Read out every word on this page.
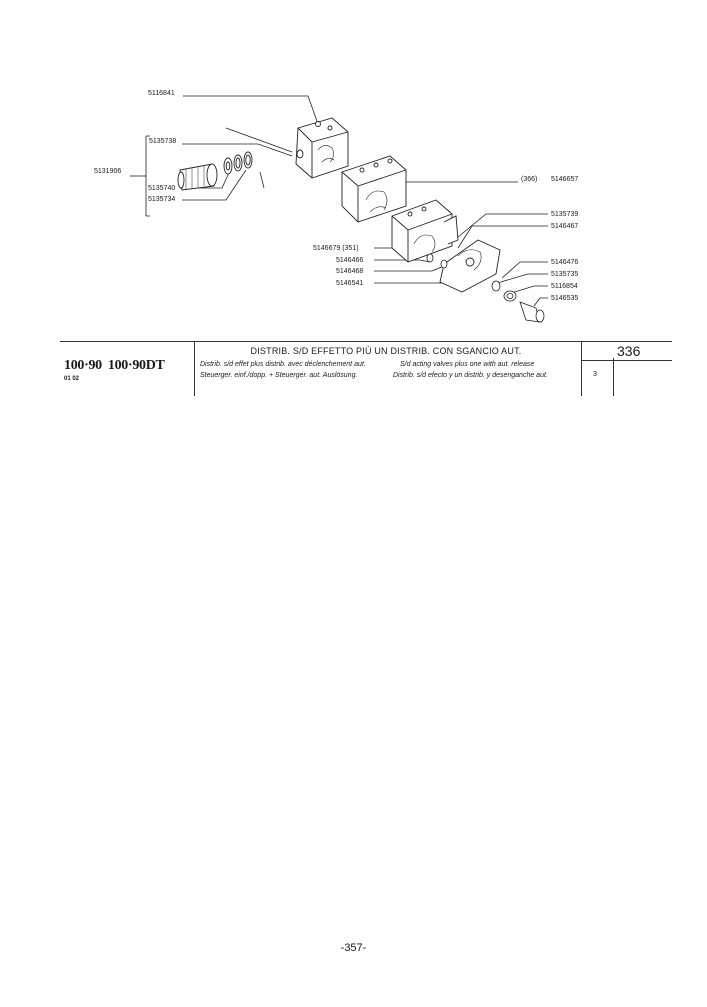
5131906
5116841
5135738
5135740
5135734
(366) 5146657
5135739
5146467
5146679 (351)
5146466
5146468
5146541
5146476
5135735
5116854
5146535
100·90 100·90DT
01 02
DISTRIB. S/D EFFETTO PIÙ UN DISTRIB. CON SGANCIO AUT.
Distrib. s/d effet plus distrib. avec déclenchement aut.	S/d acting valves plus one with aut. release
Steuerger. einf./dopp. + Steuerger. aut. Auslösung.	Distrib. s/d efecto y un distrib. y desenganche aut.
336
3
-357-
